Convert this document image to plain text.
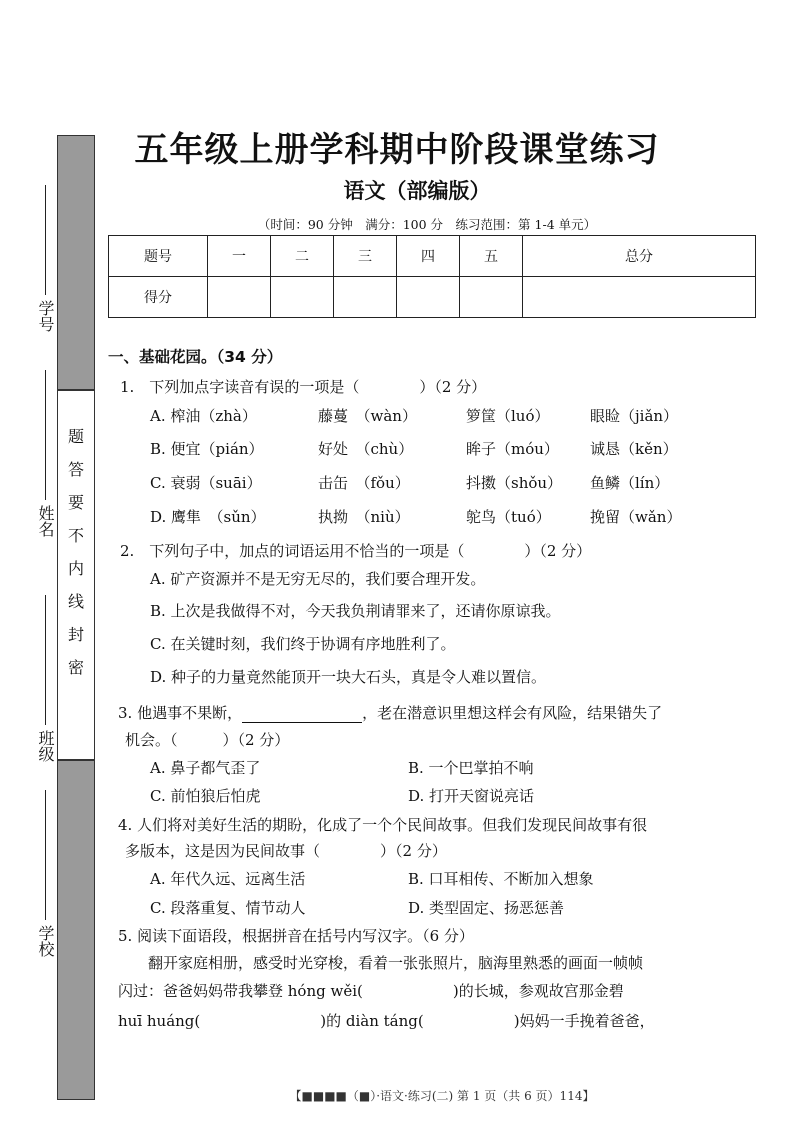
五年级上册学科期中阶段课堂练习
语文（部编版）
（时间：90 分钟　满分：100 分　练习范围：第 1-4 单元）
题
答
要
不
内
线
封
密
学号
姓名
班级
学校
题号	一	二	三	四	五	总分
得分						
一、基础花园。（34 分）
1.　下列加点字读音有误的一项是（　　　　）（2 分）
A. 榨油（zhà）	藤蔓　（wàn）	箩筐（luó）	眼睑（jiǎn）
B. 便宜（pián）	好处　（chù）	眸子（móu） 诚恳（kěn）
C. 衰弱（suāi）	击缶　（fǒu）	抖擞（shǒu） 鱼鳞（lín）
D. 鹰隼　（sǔn）	执拗　（niù）	鸵鸟（tuó）	挽留（wǎn）
2.　下列句子中，加点的词语运用不恰当的一项是（　　　　）（2 分）
A. 矿产资源并不是无穷无尽的，我们要合理开发。
B. 上次是我做得不对，今天我负荆请罪来了，还请你原谅我。
C. 在关键时刻，我们终于协调有序地胜利了。
D. 种子的力量竟然能顶开一块大石头，真是令人难以置信。
3. 他遇事不果断，	，老在潜意识里想这样会有风险，结果错失了
机会。（　　　）（2 分）
A. 鼻子都气歪了	B. 一个巴掌拍不响
C. 前怕狼后怕虎	D. 打开天窗说亮话
4. 人们将对美好生活的期盼，化成了一个个民间故事。但我们发现民间故事有很
多版本，这是因为民间故事（　　　　）（2 分）
A. 年代久远、远离生活	B. 口耳相传、不断加入想象
C. 段落重复、情节动人	D. 类型固定、扬恶惩善
5. 阅读下面语段，根据拼音在括号内写汉字。（6 分）
　　翻开家庭相册，感受时光穿梭，看着一张张照片，脑海里熟悉的画面一帧帧
闪过：爸爸妈妈带我攀登 hóng wěi(　　　　　　)的长城，参观故宫那金碧
huī huáng(　　　　　　　　)的 diàn táng(　　　　　　)妈妈一手挽着爸爸，
【■■■■（■）·语文·练习(二) 第 1 页（共 6 页）114】
